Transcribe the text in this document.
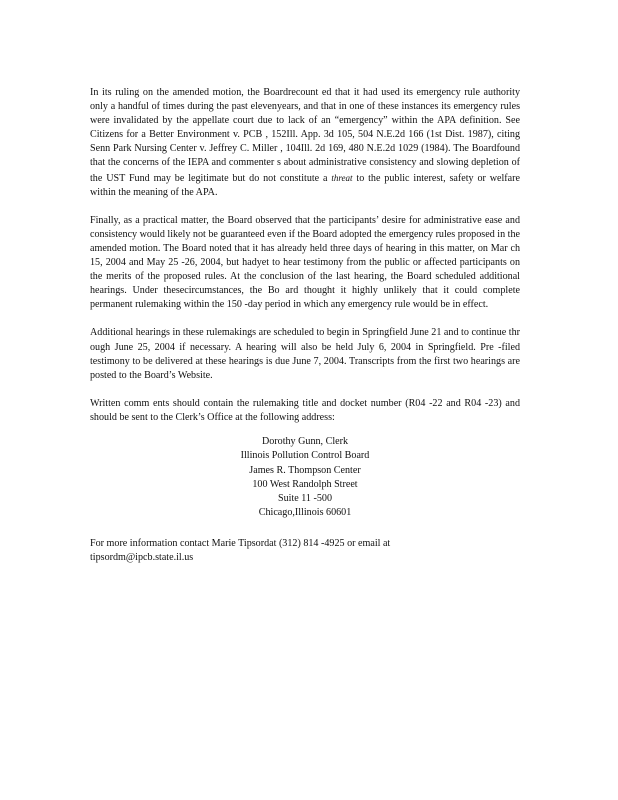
In its ruling on the amended motion, the Boardrecount ed that it had used its emergency rule authority only a handful of times during the past elevenyears, and that in one of these instances its emergency rules were invalidated by the appellate court due to lack of an “emergency” within the APA definition. See Citizens for a Better Environment v. PCB , 152Ill. App. 3d 105, 504 N.E.2d 166 (1st Dist. 1987), citing Senn Park Nursing Center v. Jeffrey C. Miller , 104Ill. 2d 169, 480 N.E.2d 1029 (1984). The Boardfound that the concerns of the IEPA and commenter s about administrative consistency and slowing depletion of the UST Fund may be legitimate but do not constitute a threat to the public interest, safety or welfare within the meaning of the APA.

Finally, as a practical matter, the Board observed that the participants’ desire for administrative ease and consistency would likely not be guaranteed even if the Board adopted the emergency rules proposed in the amended motion. The Board noted that it has already held three days of hearing in this matter, on Mar ch 15, 2004 and May 25 -26, 2004, but hadyet to hear testimony from the public or affected participants on the merits of the proposed rules. At the conclusion of the last hearing, the Board scheduled additional hearings. Under thesecircumstances, the Bo ard thought it highly unlikely that it could complete permanent rulemaking within the 150 -day period in which any emergency rule would be in effect.

Additional hearings in these rulemakings are scheduled to begin in Springfield June 21 and to continue thr ough June 25, 2004 if necessary. A hearing will also be held July 6, 2004 in Springfield. Pre -filed testimony to be delivered at these hearings is due June 7, 2004. Transcripts from the first two hearings are posted to the Board’s Website.

Written comm ents should contain the rulemaking title and docket number (R04 -22 and R04 -23) and should be sent to the Clerk’s Office at the following address:

Dorothy Gunn, Clerk
Illinois Pollution Control Board
James R. Thompson Center
100 West Randolph Street
Suite 11 -500
Chicago,Illinois 60601

For more information contact Marie Tipsordat (312) 814 -4925 or email at tipsordm@ipcb.state.il.us
